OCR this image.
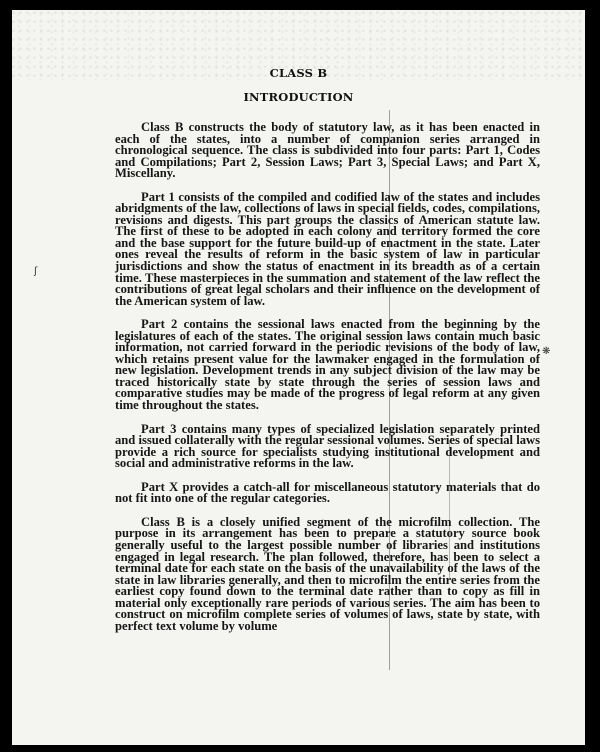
CLASS B
INTRODUCTION

Class B constructs the body of statutory law, as it has been enacted in each of the states, into a number of companion series arranged in chronological sequence. The class is subdivided into four parts: Part 1, Codes and Compilations; Part 2, Session Laws; Part 3, Special Laws; and Part X, Miscellany.

Part 1 consists of the compiled and codified law of the states and includes abridgments of the law, collections of laws in special fields, codes, compilations, revisions and digests. This part groups the classics of American statute law. The first of these to be adopted in each colony and territory formed the core and the base support for the future build-up of enactment in the state. Later ones reveal the results of reform in the basic system of law in particular jurisdictions and show the status of enactment in its breadth as of a certain time. These masterpieces in the summation and statement of the law reflect the contributions of great legal scholars and their influence on the development of the American system of law.

Part 2 contains the sessional laws enacted from the beginning by the legislatures of each of the states. The original session laws contain much basic information, not carried forward in the periodic revisions of the body of law, which retains present value for the lawmaker engaged in the formulation of new legislation. Development trends in any subject division of the law may be traced historically state by state through the series of session laws and comparative studies may be made of the progress of legal reform at any given time throughout the states.

Part 3 contains many types of specialized legislation separately printed and issued collaterally with the regular sessional volumes. Series of special laws provide a rich source for specialists studying institutional development and social and administrative reforms in the law.

Part X provides a catch-all for miscellaneous statutory materials that do not fit into one of the regular categories.

Class B is a closely unified segment of the microfilm collection. The purpose in its arrangement has been to prepare a statutory source book generally useful to the largest possible number of libraries and institutions engaged in legal research. The plan followed, therefore, has been to select a terminal date for each state on the basis of the unavailability of the laws of the state in law libraries generally, and then to microfilm the entire series from the earliest copy found down to the terminal date rather than to copy as fill in material only exceptionally rare periods of various series. The aim has been to construct on microfilm complete series of volumes of laws, state by state, with perfect text volume by volume

ʃ
❋
